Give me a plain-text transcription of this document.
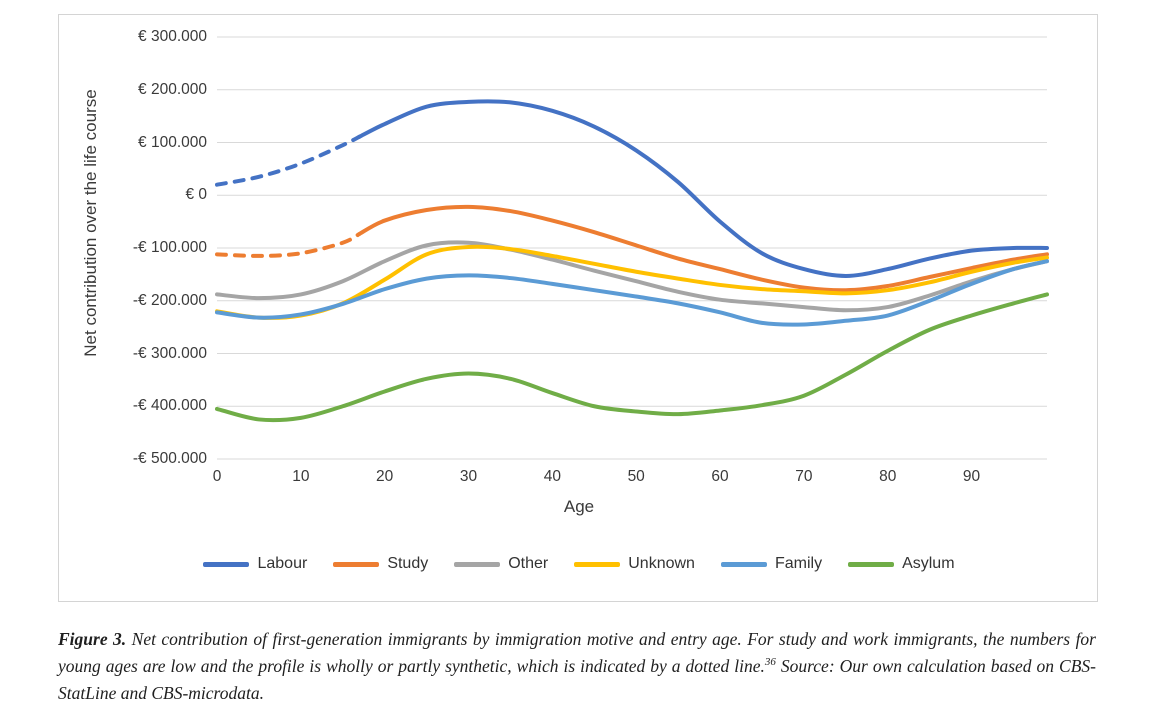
Net contribution over the life course
Age
€ 300.000
€ 200.000
€ 100.000
€ 0
-€ 100.000
-€ 200.000
-€ 300.000
-€ 400.000
-€ 500.000
0	10	20	30	40	50	60	70	80	90
Labour	Study	Other	Unknown	Family	Asylum
Figure 3. Net contribution of first-generation immigrants by immigration motive and entry age. For study and work immigrants, the numbers for young ages are low and the profile is wholly or partly synthetic, which is indicated by a dotted line.$^{36}$ Source: Our own calculation based on CBS-StatLine and CBS-microdata.
